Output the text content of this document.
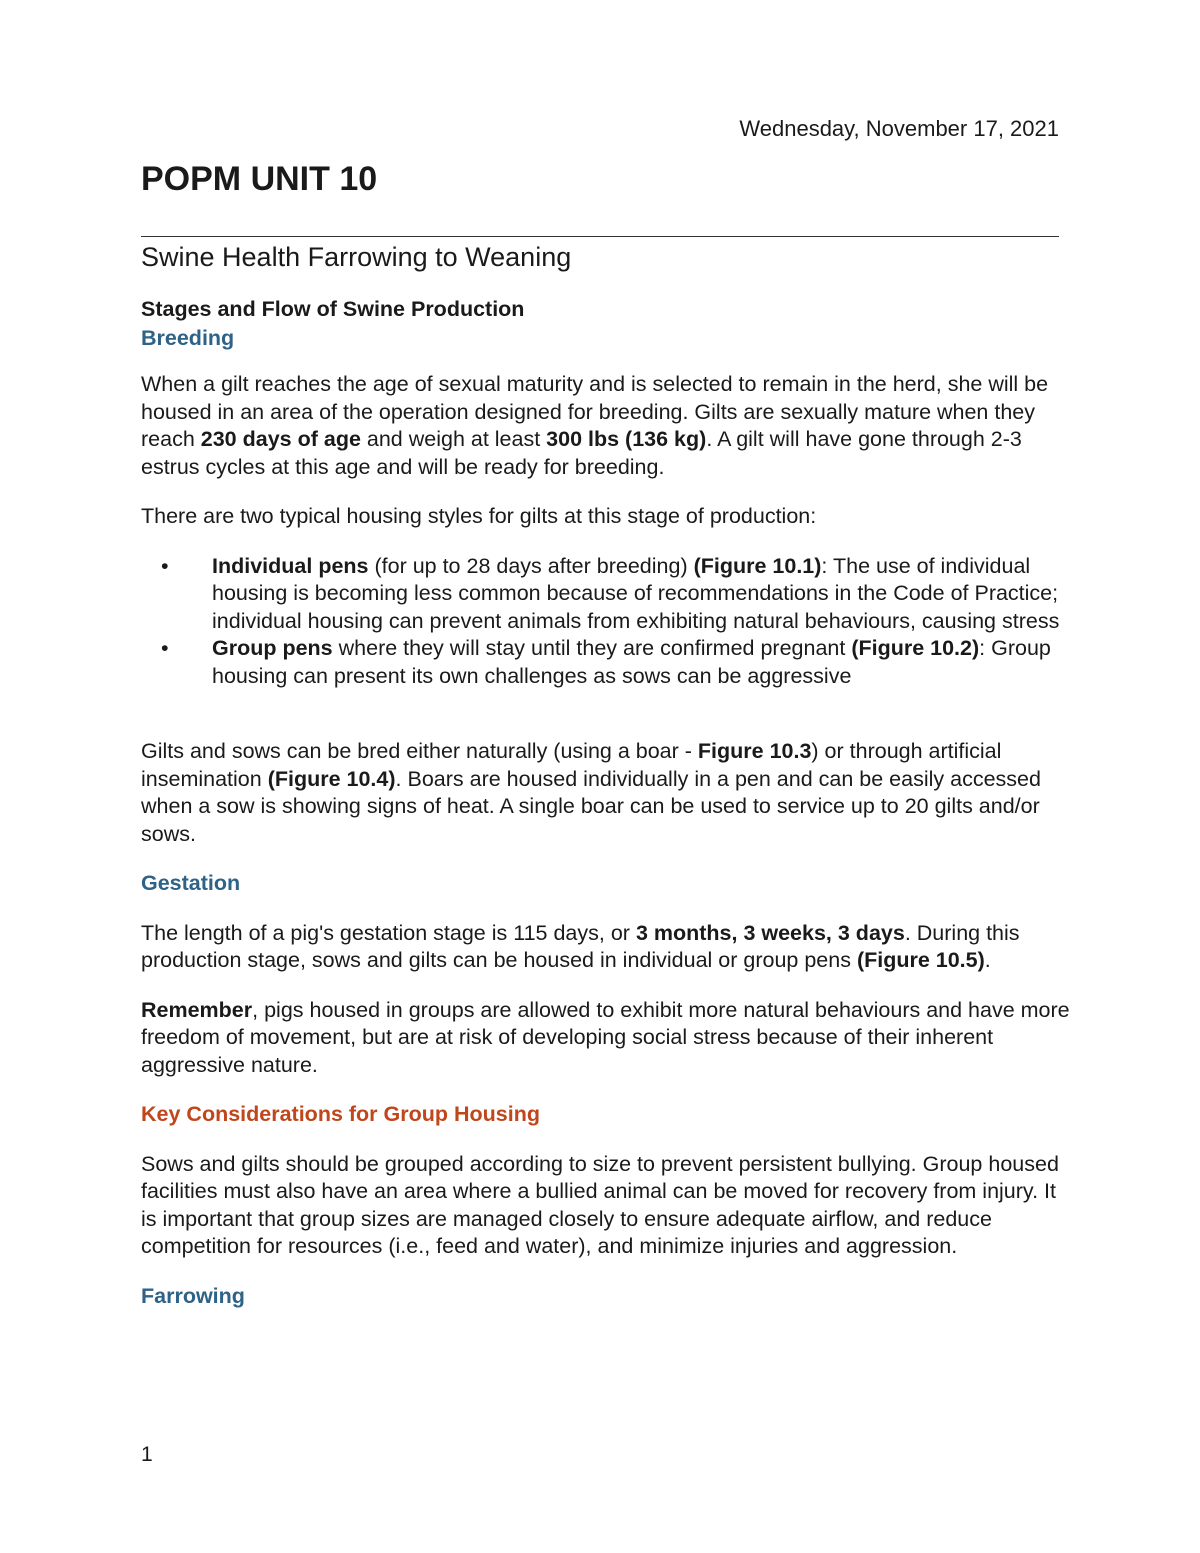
Wednesday, November 17, 2021
POPM UNIT 10
Swine Health Farrowing to Weaning

Stages and Flow of Swine Production

Breeding

When a gilt reaches the age of sexual maturity and is selected to remain in the herd, she will be housed in an area of the operation designed for breeding. Gilts are sexually mature when they reach 230 days of age and weigh at least 300 lbs (136 kg). A gilt will have gone through 2-3 estrus cycles at this age and will be ready for breeding.

There are two typical housing styles for gilts at this stage of production:

• Individual pens (for up to 28 days after breeding) (Figure 10.1): The use of individual housing is becoming less common because of recommendations in the Code of Practice; individual housing can prevent animals from exhibiting natural behaviours, causing stress
• Group pens where they will stay until they are confirmed pregnant (Figure 10.2): Group housing can present its own challenges as sows can be aggressive

Gilts and sows can be bred either naturally (using a boar - Figure 10.3) or through artificial insemination (Figure 10.4). Boars are housed individually in a pen and can be easily accessed when a sow is showing signs of heat. A single boar can be used to service up to 20 gilts and/or sows.

Gestation

The length of a pig's gestation stage is 115 days, or 3 months, 3 weeks, 3 days. During this production stage, sows and gilts can be housed in individual or group pens (Figure 10.5).

Remember, pigs housed in groups are allowed to exhibit more natural behaviours and have more freedom of movement, but are at risk of developing social stress because of their inherent aggressive nature.

Key Considerations for Group Housing

Sows and gilts should be grouped according to size to prevent persistent bullying. Group housed facilities must also have an area where a bullied animal can be moved for recovery from injury. It is important that group sizes are managed closely to ensure adequate airflow, and reduce competition for resources (i.e., feed and water), and minimize injuries and aggression.

Farrowing

1
